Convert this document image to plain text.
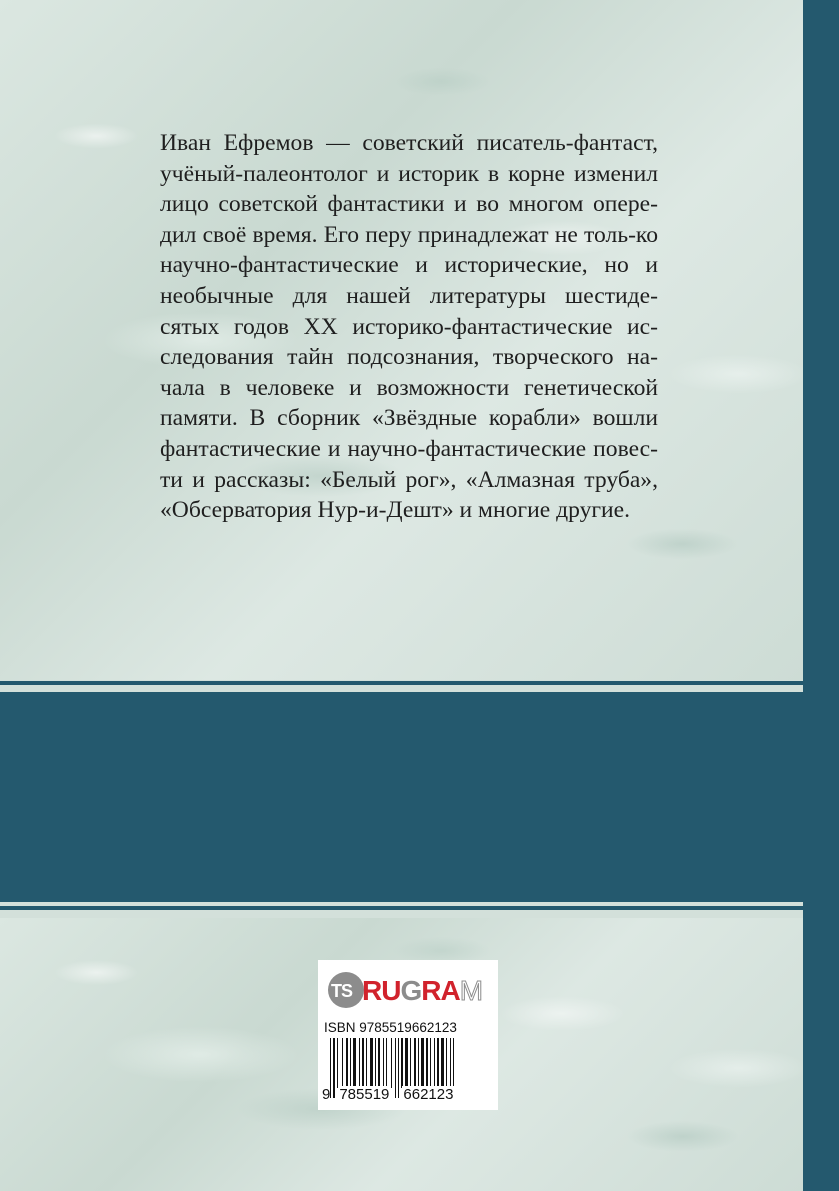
Иван Ефремов — советский писатель-фантаст, учёный-палеонтолог и историк в корне изменил лицо советской фантастики и во многом опере-дил своё время. Его перу принадлежат не толь-ко научно-фантастические и исторические, но и необычные для нашей литературы шестиде-сятых годов XX историко-фантастические ис-следования тайн подсознания, творческого на-чала в человеке и возможности генетической памяти. В сборник «Звёздные корабли» вошли фантастические и научно-фантастические повес-ти и рассказы: «Белый рог», «Алмазная труба», «Обсерватория Нур-и-Дешт» и многие другие.

TS RUGRAM
ISBN 9785519662123
9 785519 662123
